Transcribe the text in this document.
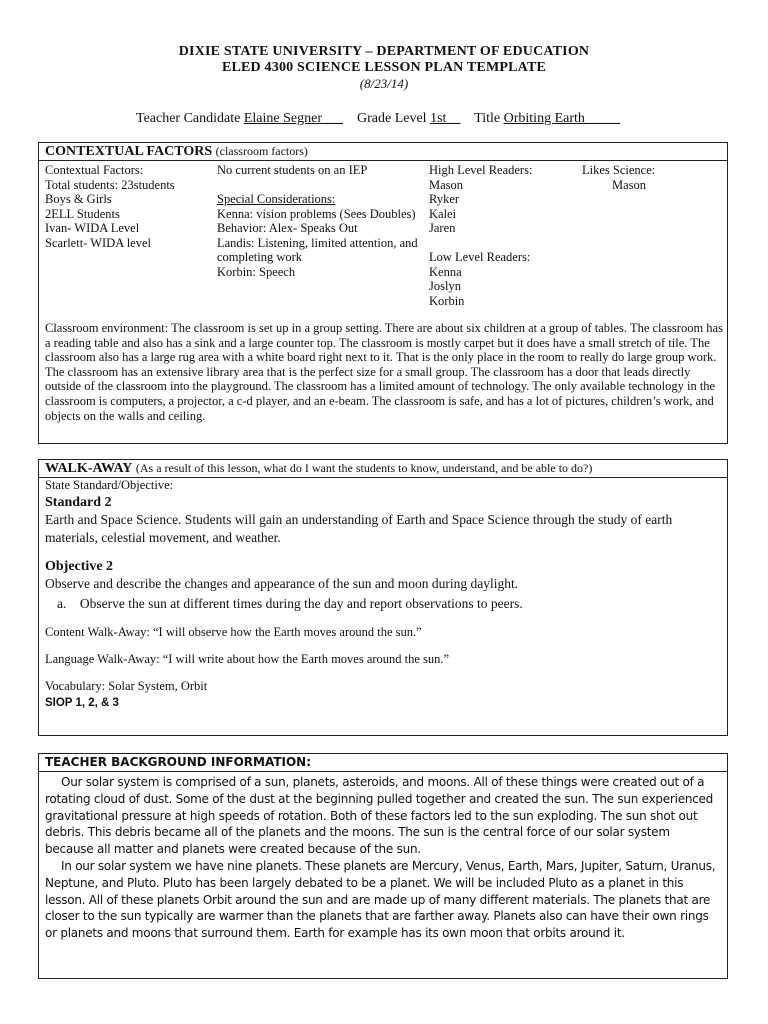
DIXIE STATE UNIVERSITY – DEPARTMENT OF EDUCATION
ELED 4300 SCIENCE LESSON PLAN TEMPLATE
(8/23/14)
Teacher Candidate Elaine Segner___ Grade Level 1st__ Title Orbiting Earth_____
CONTEXTUAL FACTORS (classroom factors)
Contextual Factors:
Total students: 23students
Boys & Girls
2ELL Students
Ivan- WIDA Level
Scarlett- WIDA level
No current students on an IEP

Special Considerations:
Kenna: vision problems (Sees Doubles)
Behavior: Alex- Speaks Out
Landis: Listening, limited attention, and completing work
Korbin: Speech
High Level Readers:
Mason
Ryker
Kalei
Jaren

Low Level Readers:
Kenna
Joslyn
Korbin
Likes Science:
Mason
Classroom environment: The classroom is set up in a group setting. There are about six children at a group of tables. The classroom has a reading table and also has a sink and a large counter top. The classroom is mostly carpet but it does have a small stretch of tile. The classroom also has a large rug area with a white board right next to it. That is the only place in the room to really do large group work. The classroom has an extensive library area that is the perfect size for a small group. The classroom has a door that leads directly outside of the classroom into the playground. The classroom has a limited amount of technology. The only available technology in the classroom is computers, a projector, a c-d player, and an e-beam. The classroom is safe, and has a lot of pictures, children’s work, and objects on the walls and ceiling.
WALK-AWAY (As a result of this lesson, what do I want the students to know, understand, and be able to do?)
State Standard/Objective:
Standard 2
Earth and Space Science. Students will gain an understanding of Earth and Space Science through the study of earth materials, celestial movement, and weather.
Objective 2
Observe and describe the changes and appearance of the sun and moon during daylight.
a.    Observe the sun at different times during the day and report observations to peers.
Content Walk-Away: “I will observe how the Earth moves around the sun.”
Language Walk-Away: “I will write about how the Earth moves around the sun.”
Vocabulary: Solar System, Orbit
SIOP 1, 2, & 3
TEACHER BACKGROUND INFORMATION:

Our solar system is comprised of a sun, planets, asteroids, and moons. All of these things were created out of a rotating cloud of dust. Some of the dust at the beginning pulled together and created the sun. The sun experienced gravitational pressure at high speeds of rotation. Both of these factors led to the sun exploding. The sun shot out debris. This debris became all of the planets and the moons. The sun is the central force of our solar system because all matter and planets were created because of the sun.

In our solar system we have nine planets. These planets are Mercury, Venus, Earth, Mars, Jupiter, Saturn, Uranus, Neptune, and Pluto. Pluto has been largely debated to be a planet. We will be included Pluto as a planet in this lesson. All of these planets Orbit around the sun and are made up of many different materials. The planets that are closer to the sun typically are warmer than the planets that are farther away. Planets also can have their own rings or planets and moons that surround them. Earth for example has its own moon that orbits around it.
